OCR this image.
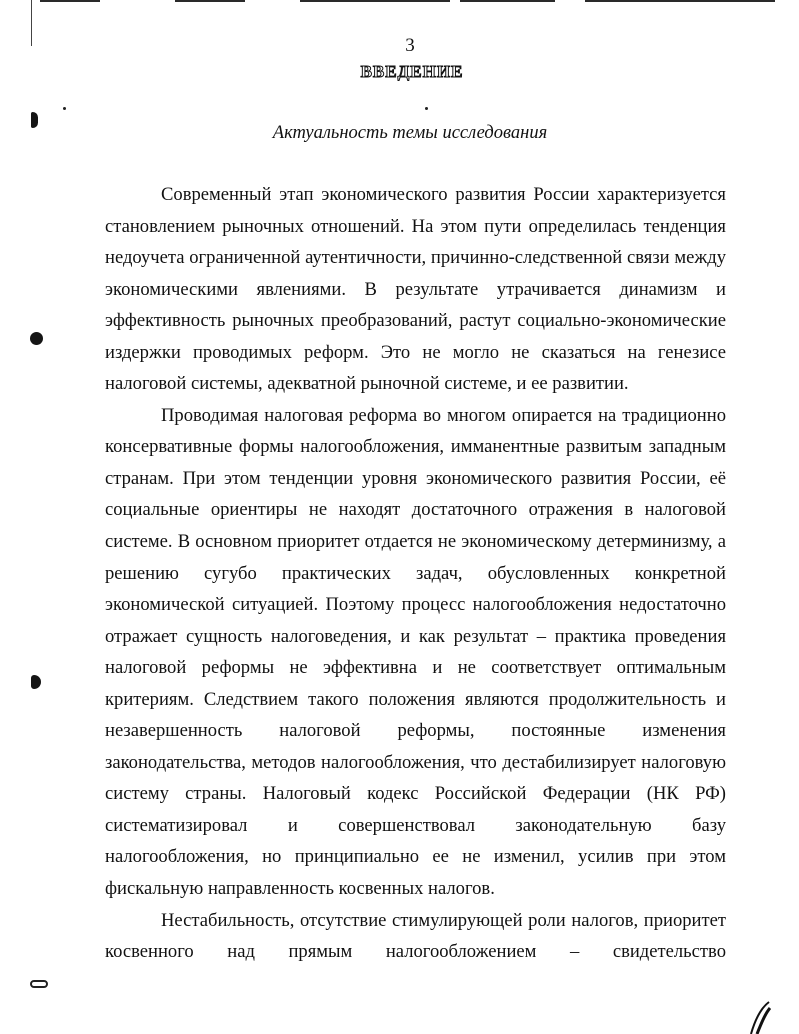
3
ВВЕДЕНИЕ
Актуальность темы исследования

Современный этап экономического развития России характеризуется становлением рыночных отношений. На этом пути определилась тенденция недоучета ограниченной аутентичности, причинно-следственной связи между экономическими явлениями. В результате утрачивается динамизм и эффективность рыночных преобразований, растут социально-экономические издержки проводимых реформ. Это не могло не сказаться на генезисе налоговой системы, адекватной рыночной системе, и ее развитии.

Проводимая налоговая реформа во многом опирается на традиционно консервативные формы налогообложения, имманентные развитым западным странам. При этом тенденции уровня экономического развития России, её социальные ориентиры не находят достаточного отражения в налоговой системе. В основном приоритет отдается не экономическому детерминизму, а решению сугубо практических задач, обусловленных конкретной экономической ситуацией. Поэтому процесс налогообложения недостаточно отражает сущность налоговедения, и как результат – практика проведения налоговой реформы не эффективна и не соответствует оптимальным критериям. Следствием такого положения являются продолжительность и незавершенность налоговой реформы, постоянные изменения законодательства, методов налогообложения, что дестабилизирует налоговую систему страны. Налоговый кодекс Российской Федерации (НК РФ) систематизировал и совершенствовал законодательную базу налогообложения, но принципиально ее не изменил, усилив при этом фискальную направленность косвенных налогов.

Нестабильность, отсутствие стимулирующей роли налогов, приоритет косвенного над прямым налогообложением – свидетельство
